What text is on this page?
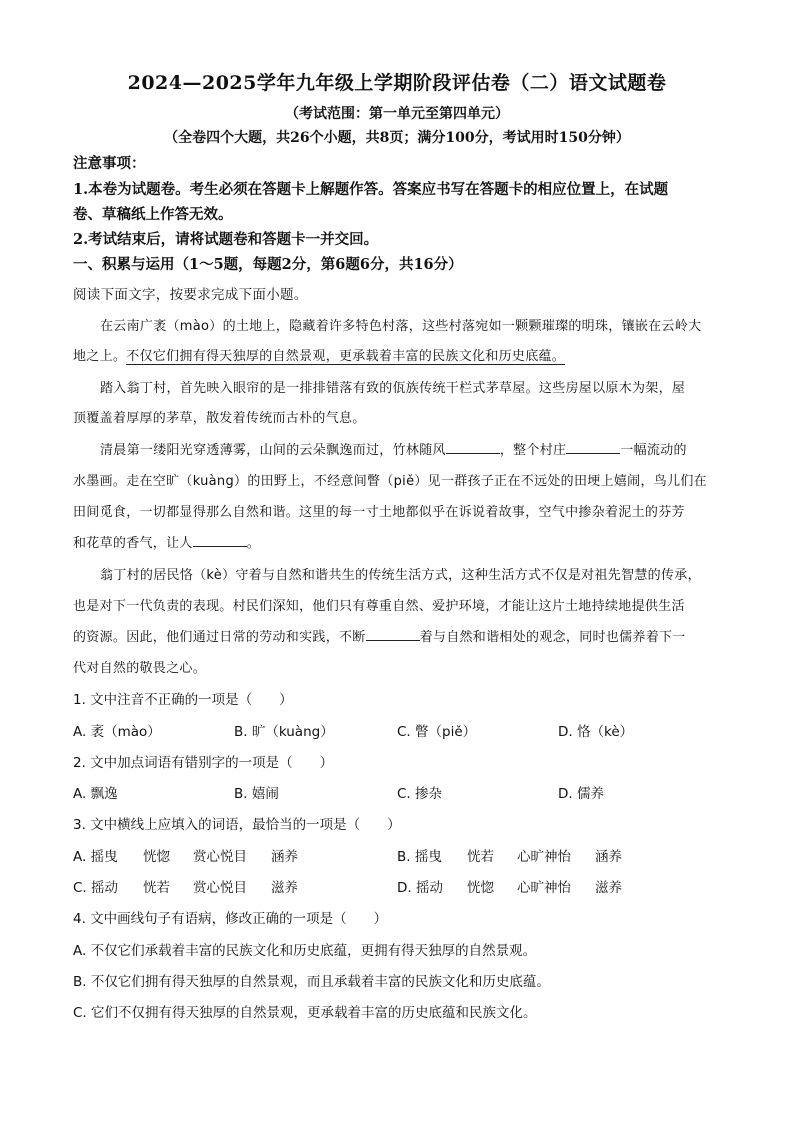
2024—2025学年九年级上学期阶段评估卷（二）语文试题卷
（考试范围：第一单元至第四单元）
（全卷四个大题，共26个小题，共8页；满分100分，考试用时150分钟）
注意事项：
1.本卷为试题卷。考生必须在答题卡上解题作答。答案应书写在答题卡的相应位置上，在试题
卷、草稿纸上作答无效。
2.考试结束后，请将试题卷和答题卡一并交回。
一、积累与运用（1～5题，每题2分，第6题6分，共16分）
阅读下面文字，按要求完成下面小题。
在云南广袤（mào）的土地上，隐藏着许多特色村落，这些村落宛如一颗颗璀璨的明珠，镶嵌在云岭大
地之上。不仅它们拥有得天独厚的自然景观，更承载着丰富的民族文化和历史底蕴。
踏入翁丁村，首先映入眼帘的是一排排错落有致的佤族传统干栏式茅草屋。这些房屋以原木为架，屋
顶覆盖着厚厚的茅草，散发着传统而古朴的气息。
清晨第一缕阳光穿透薄雾，山间的云朵飘逸而过，竹林随风	，整个村庄	一幅流动的
水墨画。走在空旷（kuàng）的田野上，不经意间瞥（piě）见一群孩子正在不远处的田埂上嬉闹，鸟儿们在
田间觅食，一切都显得那么自然和谐。这里的每一寸土地都似乎在诉说着故事，空气中掺杂着泥土的芬芳
和花草的香气，让人	。
翁丁村的居民恪（kè）守着与自然和谐共生的传统生活方式，这种生活方式不仅是对祖先智慧的传承，
也是对下一代负责的表现。村民们深知，他们只有尊重自然、爱护环境，才能让这片土地持续地提供生活
的资源。因此，他们通过日常的劳动和实践，不断	着与自然和谐相处的观念，同时也儒养着下一
代对自然的敬畏之心。
1. 文中注音不正确的一项是（　　）
A. 袤（mào）	B. 旷（kuàng）	C. 瞥（piě）	D. 恪（kè）
2. 文中加点词语有错别字的一项是（　　）
A. 飘逸	B. 嬉闹	C. 掺杂	D. 儒养
3. 文中横线上应填入的词语，最恰当的一项是（　　）
A. 摇曳 恍惚 赏心悦目 涵养	B. 摇曳 恍若 心旷神怡 涵养
C. 摇动 恍若 赏心悦目 滋养	D. 摇动 恍惚 心旷神怡 滋养
4. 文中画线句子有语病，修改正确的一项是（　　）
A. 不仅它们承载着丰富的民族文化和历史底蕴，更拥有得天独厚的自然景观。
B. 不仅它们拥有得天独厚的自然景观，而且承载着丰富的民族文化和历史底蕴。
C. 它们不仅拥有得天独厚的自然景观，更承载着丰富的历史底蕴和民族文化。
